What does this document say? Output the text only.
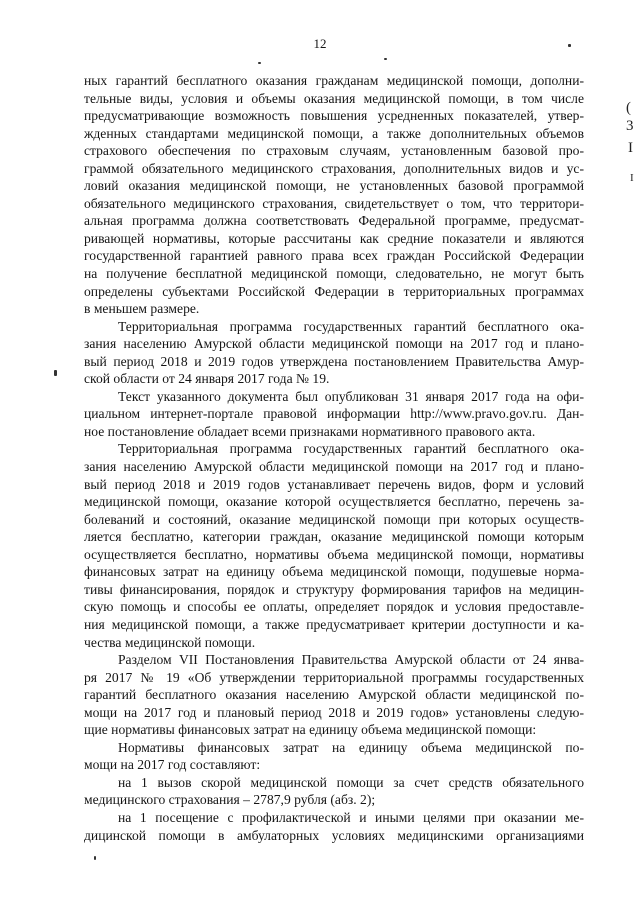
12
(
3
I
I
ных гарантий бесплатного оказания гражданам медицинской помощи, дополни-
тельные виды, условия и объемы оказания медицинской помощи, в том числе
предусматривающие возможность повышения усредненных показателей, утвер-
жденных стандартами медицинской помощи, а также дополнительных объемов
страхового обеспечения по страховым случаям, установленным базовой про-
граммой обязательного медицинского страхования, дополнительных видов и ус-
ловий оказания медицинской помощи, не установленных базовой программой
обязательного медицинского страхования, свидетельствует о том, что территори-
альная программа должна соответствовать Федеральной программе, предусмат-
ривающей нормативы, которые рассчитаны как средние показатели и являются
государственной гарантией равного права всех граждан Российской Федерации
на получение бесплатной медицинской помощи, следовательно, не могут быть
определены субъектами Российской Федерации в территориальных программах
в меньшем размере.
Территориальная программа государственных гарантий бесплатного ока-
зания населению Амурской области медицинской помощи на 2017 год и плано-
вый период 2018 и 2019 годов утверждена постановлением Правительства Амур-
ской области от 24 января 2017 года № 19.
Текст указанного документа был опубликован 31 января 2017 года на офи-
циальном интернет-портале правовой информации http://www.pravo.gov.ru. Дан-
ное постановление обладает всеми признаками нормативного правового акта.
Территориальная программа государственных гарантий бесплатного ока-
зания населению Амурской области медицинской помощи на 2017 год и плано-
вый период 2018 и 2019 годов устанавливает перечень видов, форм и условий
медицинской помощи, оказание которой осуществляется бесплатно, перечень за-
болеваний и состояний, оказание медицинской помощи при которых осуществ-
ляется бесплатно, категории граждан, оказание медицинской помощи которым
осуществляется бесплатно, нормативы объема медицинской помощи, нормативы
финансовых затрат на единицу объема медицинской помощи, подушевые норма-
тивы финансирования, порядок и структуру формирования тарифов на медицин-
скую помощь и способы ее оплаты, определяет порядок и условия предоставле-
ния медицинской помощи, а также предусматривает критерии доступности и ка-
чества медицинской помощи.
Разделом VII Постановления Правительства Амурской области от 24 янва-
ря 2017 № 19 «Об утверждении территориальной программы государственных
гарантий бесплатного оказания населению Амурской области медицинской по-
мощи на 2017 год и плановый период 2018 и 2019 годов» установлены следую-
щие нормативы финансовых затрат на единицу объема медицинской помощи:
Нормативы финансовых затрат на единицу объема медицинской по-
мощи на 2017 год составляют:
на 1 вызов скорой медицинской помощи за счет средств обязательного
медицинского страхования – 2787,9 рубля (абз. 2);
на 1 посещение с профилактической и иными целями при оказании ме-
дицинской помощи в амбулаторных условиях медицинскими организациями
